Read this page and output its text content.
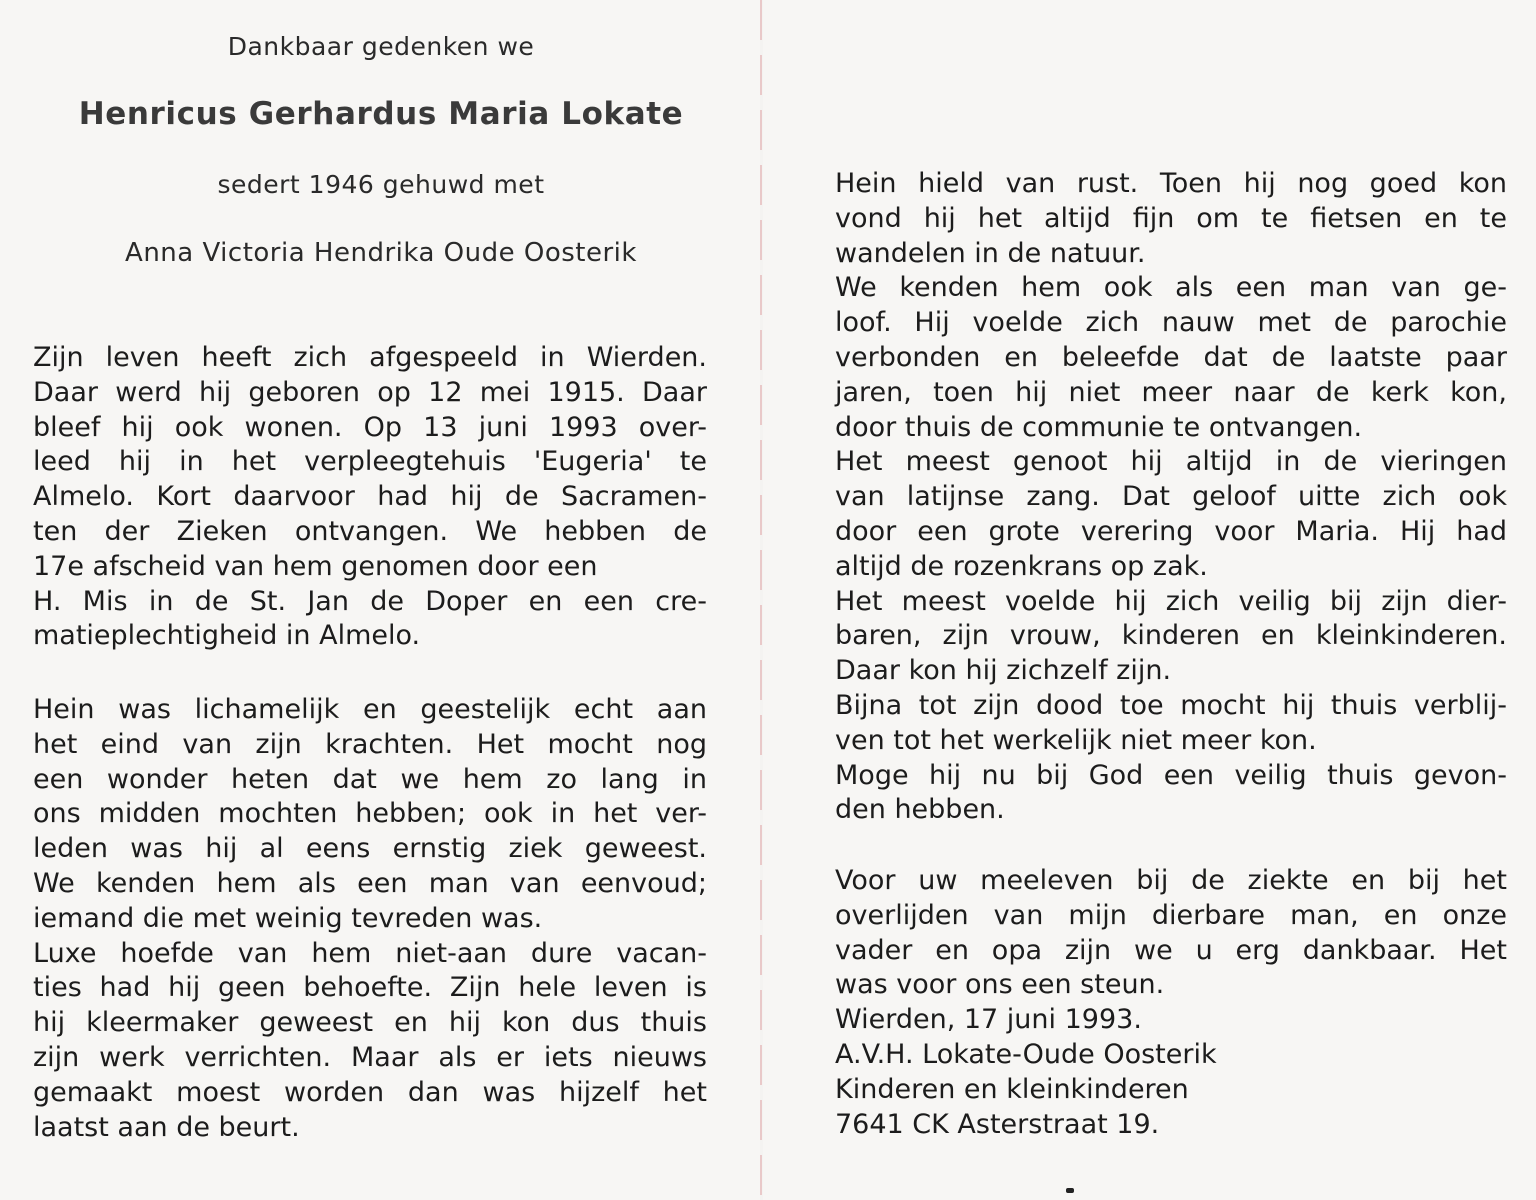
Dankbaar gedenken we

Henricus Gerhardus Maria Lokate

sedert 1946 gehuwd met

Anna Victoria Hendrika Oude Oosterik

Zijn leven heeft zich afgespeeld in Wierden.
Daar werd hij geboren op 12 mei 1915. Daar
bleef hij ook wonen. Op 13 juni 1993 over-
leed hij in het verpleegtehuis 'Eugeria' te
Almelo. Kort daarvoor had hij de Sacramen-
ten der Zieken ontvangen. We hebben de
17e afscheid van hem genomen door een
H. Mis in de St. Jan de Doper en een cre-
matieplechtigheid in Almelo.
Hein was lichamelijk en geestelijk echt aan
het eind van zijn krachten. Het mocht nog
een wonder heten dat we hem zo lang in
ons midden mochten hebben; ook in het ver-
leden was hij al eens ernstig ziek geweest.
We kenden hem als een man van eenvoud;
iemand die met weinig tevreden was.
Luxe hoefde van hem niet-aan dure vacan-
ties had hij geen behoefte. Zijn hele leven is
hij kleermaker geweest en hij kon dus thuis
zijn werk verrichten. Maar als er iets nieuws
gemaakt moest worden dan was hijzelf het
laatst aan de beurt.
Hein hield van rust. Toen hij nog goed kon
vond hij het altijd fijn om te fietsen en te
wandelen in de natuur.
We kenden hem ook als een man van ge-
loof. Hij voelde zich nauw met de parochie
verbonden en beleefde dat de laatste paar
jaren, toen hij niet meer naar de kerk kon,
door thuis de communie te ontvangen.
Het meest genoot hij altijd in de vieringen
van latijnse zang. Dat geloof uitte zich ook
door een grote verering voor Maria. Hij had
altijd de rozenkrans op zak.
Het meest voelde hij zich veilig bij zijn dier-
baren, zijn vrouw, kinderen en kleinkinderen.
Daar kon hij zichzelf zijn.
Bijna tot zijn dood toe mocht hij thuis verblij-
ven tot het werkelijk niet meer kon.
Moge hij nu bij God een veilig thuis gevon-
den hebben.
Voor uw meeleven bij de ziekte en bij het
overlijden van mijn dierbare man, en onze
vader en opa zijn we u erg dankbaar. Het
was voor ons een steun.
Wierden, 17 juni 1993.
A.V.H. Lokate-Oude Oosterik
Kinderen en kleinkinderen
7641 CK Asterstraat 19.
